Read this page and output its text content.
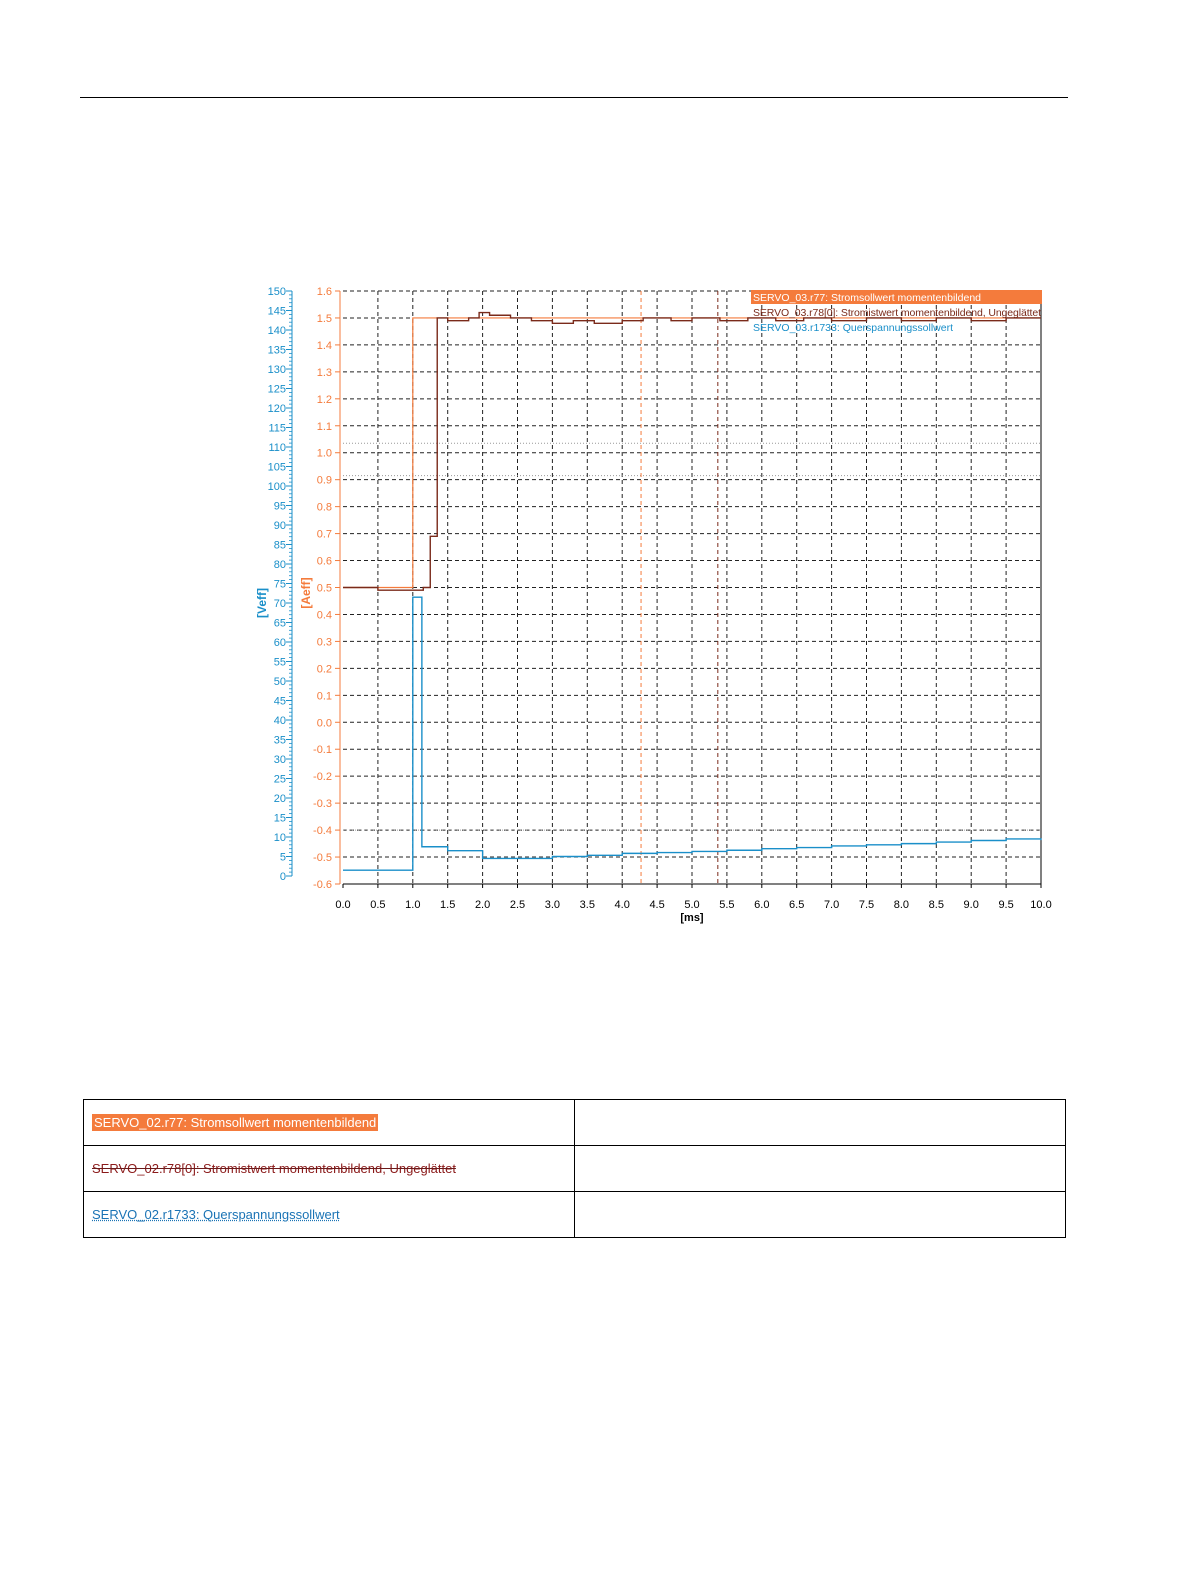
0.0 0.5 1.0 1.5 2.0 2.5 3.0 3.5 4.0 4.5 5.0 5.5 6.0 6.5 7.0 7.5 8.0 8.5 9.0 9.5 10.0
[ms]
1.6
1.5
1.4
1.3
1.2
1.1
1.0
0.9
0.8
0.7
0.6
0.5
0.4
0.3
0.2
0.1
0.0
-0.1
-0.2
-0.3
-0.4
-0.5
-0.6
150
145
140
135
130
125
120
115
110
105
100
95
90
85
80
75
70
65
60
55
50
45
40
35
30
25
20
15
10
5
0
[Veff]	[Aeff]
SERVO_03.r77: Stromsollwert momentenbildend
SERVO_03.r78[0]: Stromistwert momentenbildend, Ungeglättet
SERVO_03.r1733: Querspannungssollwert
SERVO_02.r77: Stromsollwert momentenbildend	
SERVO_02.r78[0]: Stromistwert momentenbildend, Ungeglättet	
SERVO_02.r1733: Querspannungssollwert	
